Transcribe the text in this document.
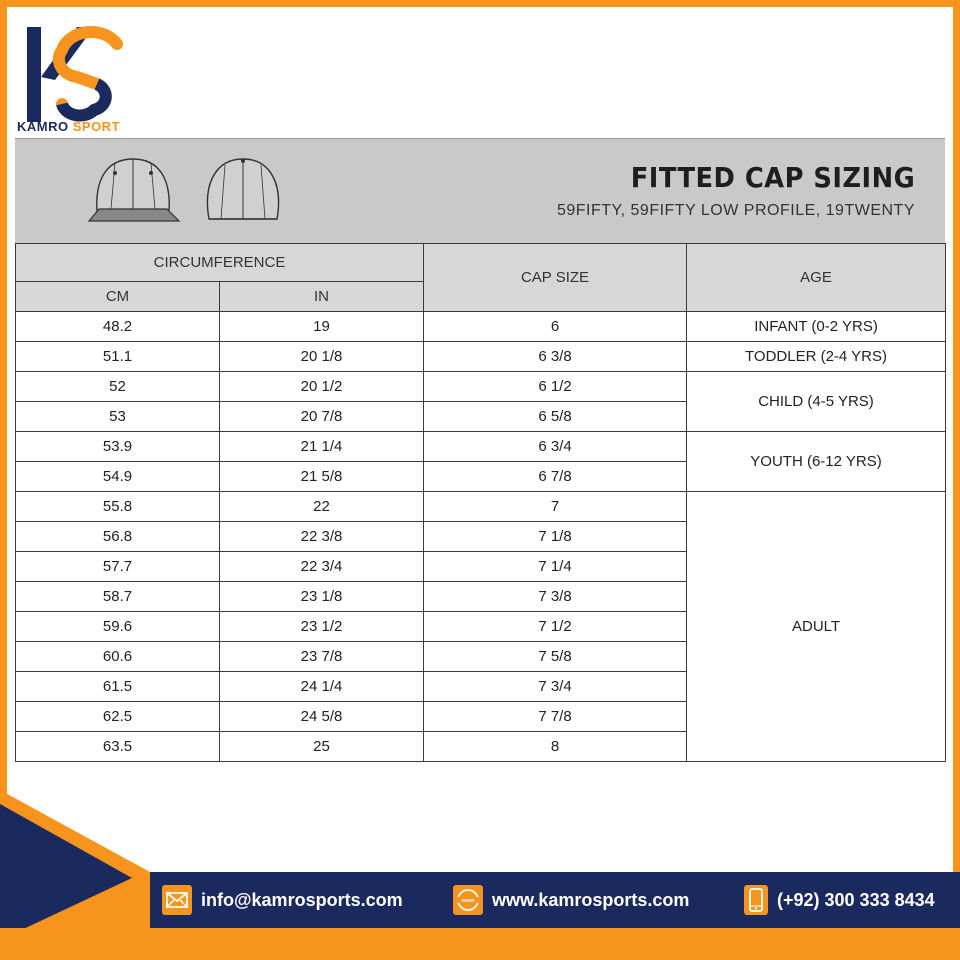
KAMRO SPORT
FITTED CAP SIZING
59FIFTY, 59FIFTY LOW PROFILE, 19TWENTY
CIRCUMFERENCE		CAP SIZE	AGE
CM	IN		
48.2	19	6	INFANT (0-2 YRS)
51.1	20 1/8	6 3/8	TODDLER (2-4 YRS)
52	20 1/2	6 1/2	CHILD (4-5 YRS)
53	20 7/8	6 5/8	
53.9	21 1/4	6 3/4	YOUTH (6-12 YRS)
54.9	21 5/8	6 7/8	
55.8	22	7	ADULT
56.8	22 3/8	7 1/8	
57.7	22 3/4	7 1/4	
58.7	23 1/8	7 3/8	
59.6	23 1/2	7 1/2	
60.6	23 7/8	7 5/8	
61.5	24 1/4	7 3/4	
62.5	24 5/8	7 7/8	
63.5	25	8	
info@kamrosports.com	www www.kamrosports.com	(+92) 300 333 8434
